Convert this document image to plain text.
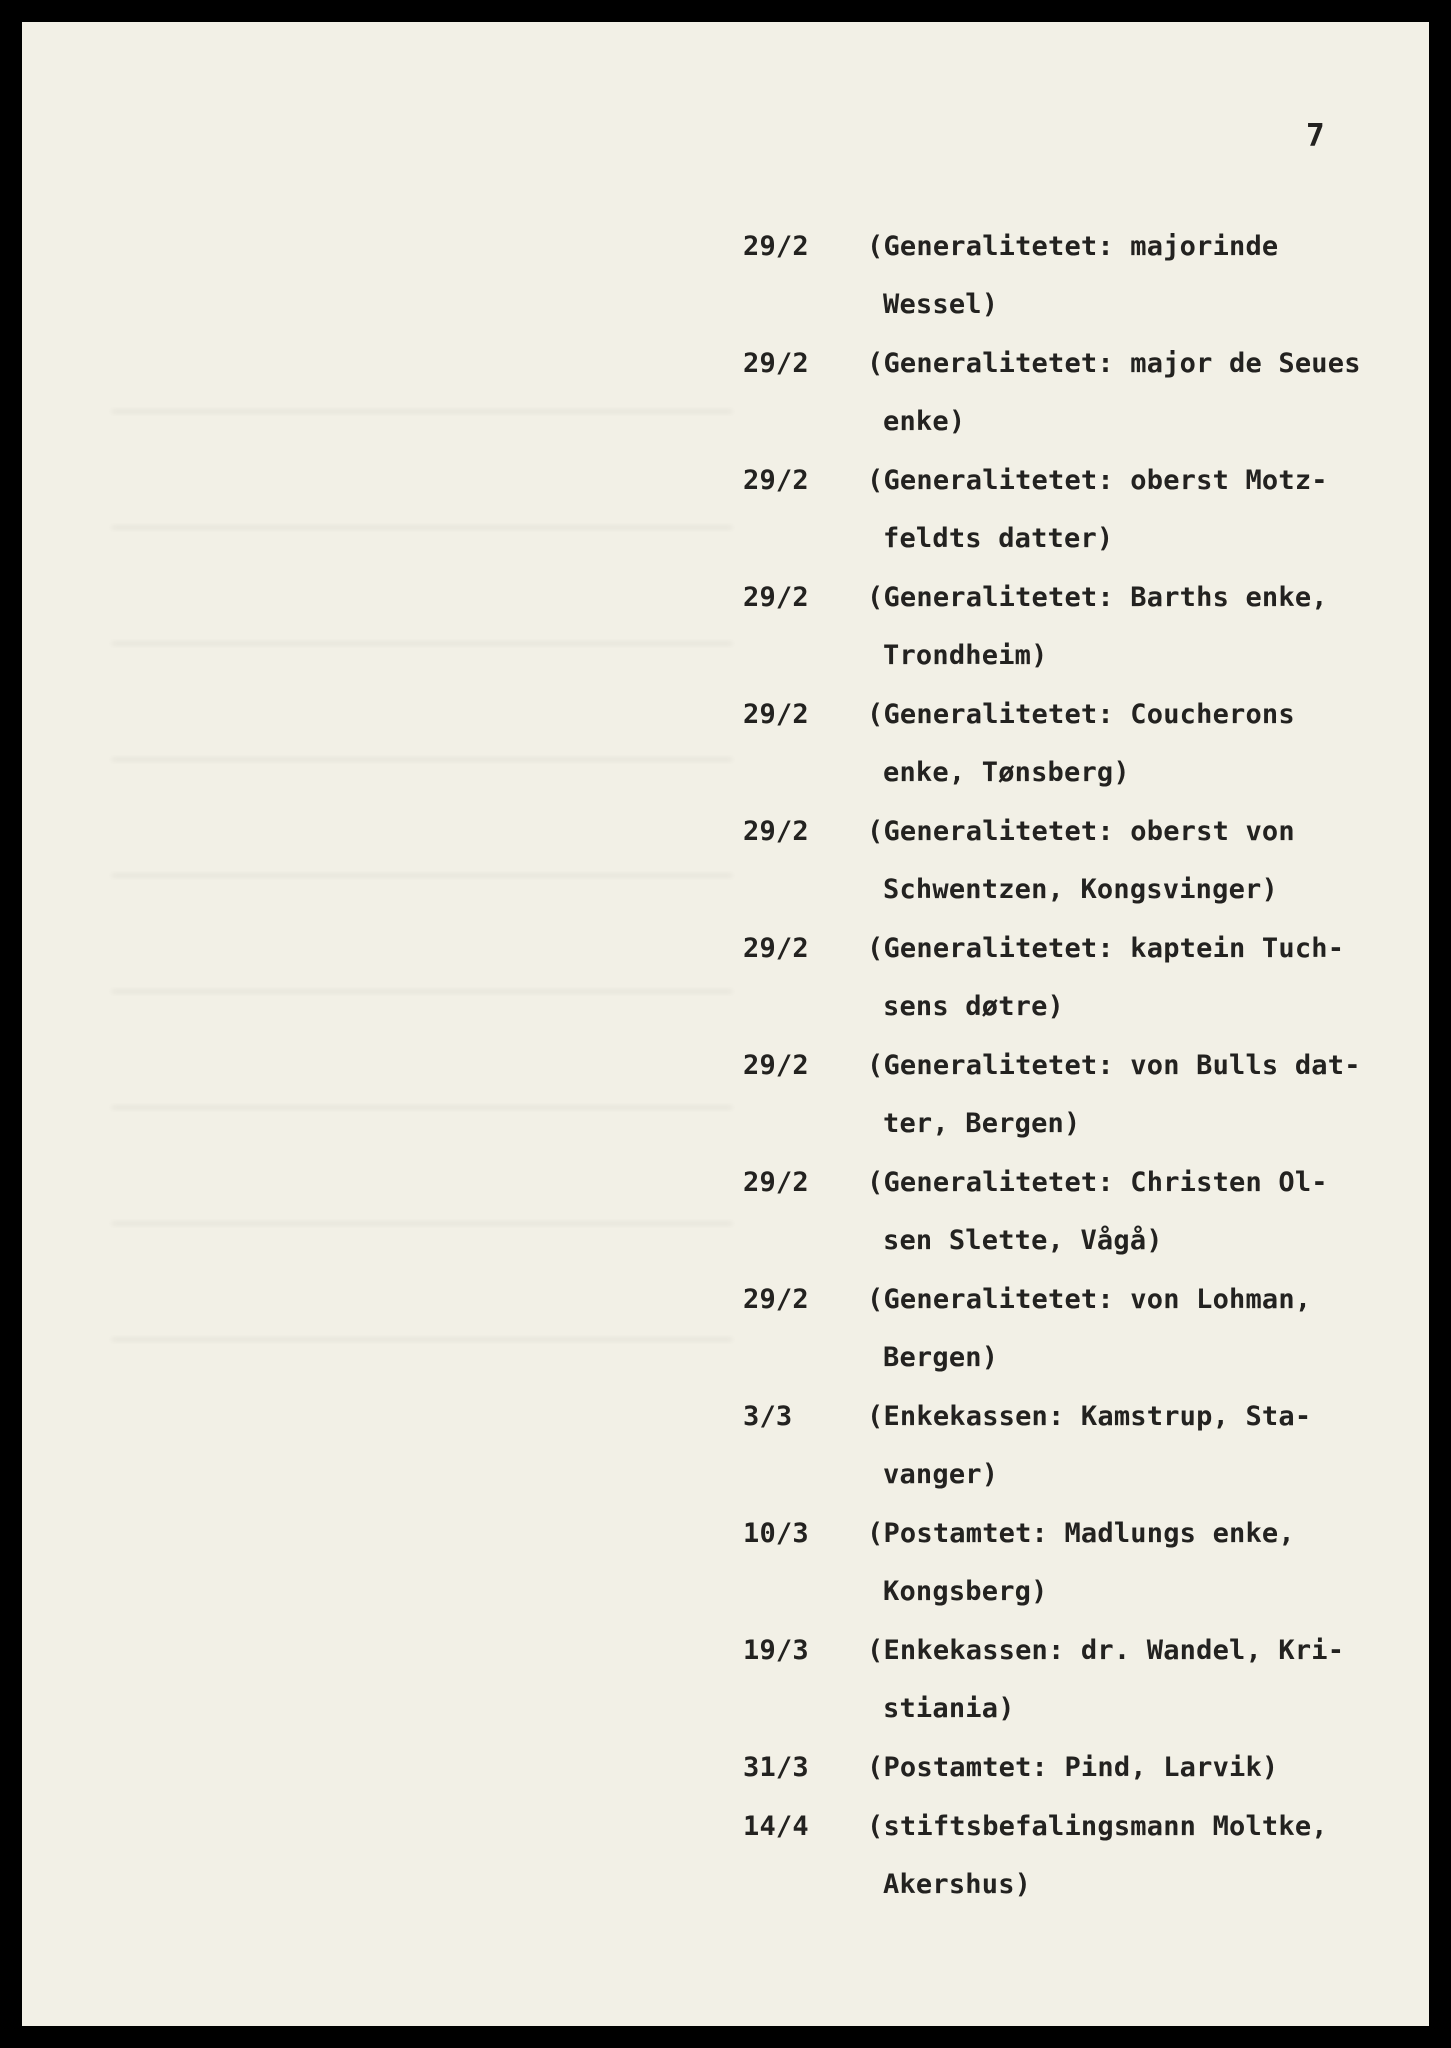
7
29/2	(Generalitetet: majorinde
Wessel)
29/2	(Generalitetet: major de Seues
enke)
29/2	(Generalitetet: oberst Motz-
feldts datter)
29/2	(Generalitetet: Barths enke,
Trondheim)
29/2	(Generalitetet: Coucherons
enke, Tønsberg)
29/2	(Generalitetet: oberst von
Schwentzen, Kongsvinger)
29/2	(Generalitetet: kaptein Tuch-
sens døtre)
29/2	(Generalitetet: von Bulls dat-
ter, Bergen)
29/2	(Generalitetet: Christen Ol-
sen Slette, Vågå)
29/2	(Generalitetet: von Lohman,
Bergen)
3/3	(Enkekassen: Kamstrup, Sta-
vanger)
10/3	(Postamtet: Madlungs enke,
Kongsberg)
19/3	(Enkekassen: dr. Wandel, Kri-
stiania)
31/3	(Postamtet: Pind, Larvik)
14/4	(stiftsbefalingsmann Moltke,
Akershus)
